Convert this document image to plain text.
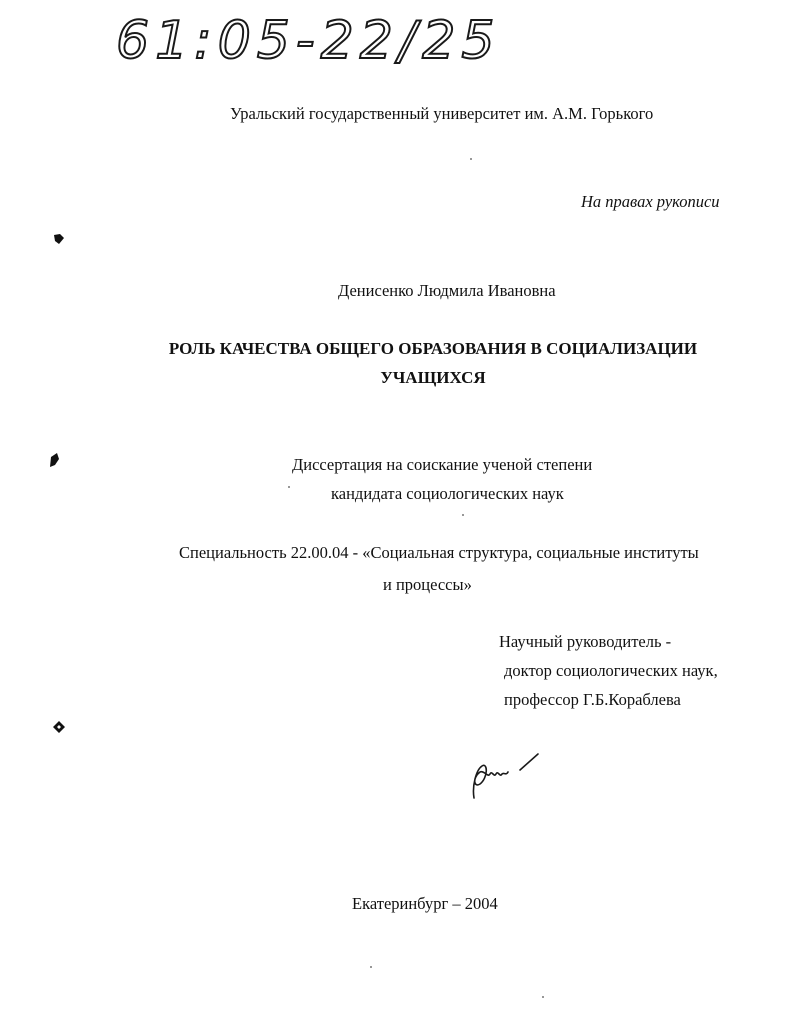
61:05-22/25
Уральский государственный университет им. А.М. Горького
На правах рукописи
Денисенко Людмила Ивановна
РОЛЬ КАЧЕСТВА ОБЩЕГО ОБРАЗОВАНИЯ В СОЦИАЛИЗАЦИИ
УЧАЩИХСЯ
Диссертация на соискание ученой степени
кандидата социологических наук
Специальность 22.00.04 - «Социальная структура, социальные институты
и процессы»
Научный руководитель -
доктор социологических наук,
профессор Г.Б.Кораблева
Екатеринбург – 2004
